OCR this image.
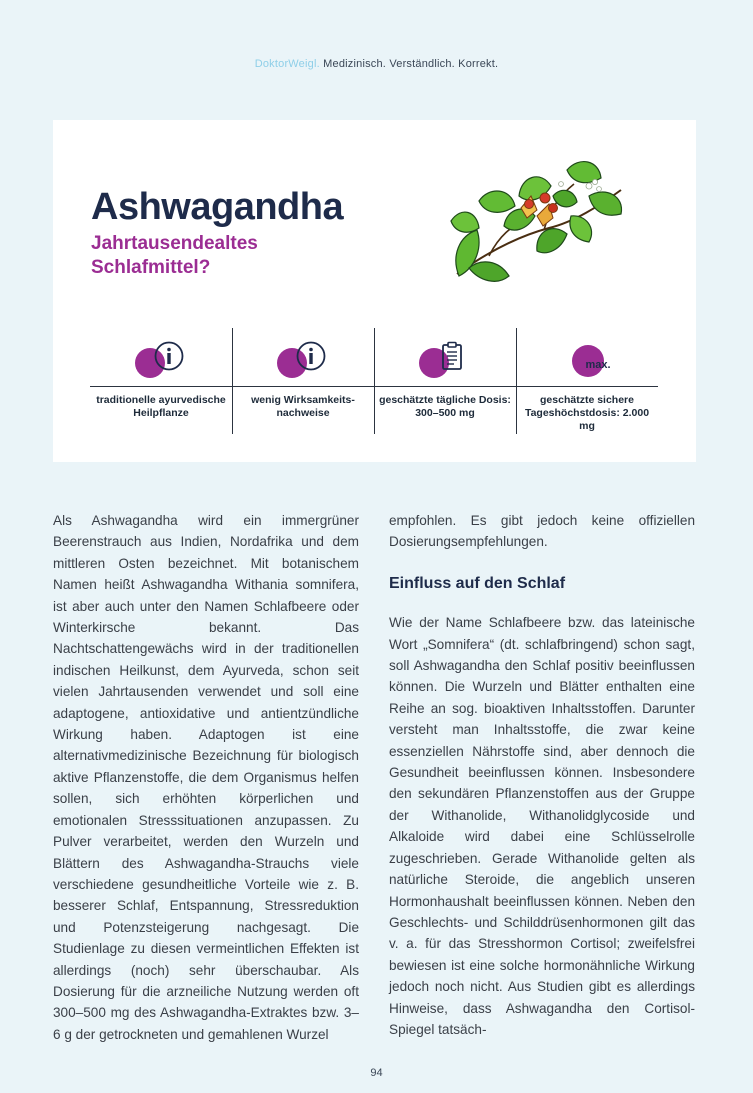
DoktorWeigl. Medizinisch. Verständlich. Korrekt.
Ashwagandha
Jahrtausendealtes Schlafmittel?
traditionelle ayurvedische Heilpflanze
wenig Wirksamkeits-nachweise
geschätzte tägliche Dosis: 300–500 mg
max.
geschätzte sichere Tageshöchstdosis: 2.000 mg

Als Ashwagandha wird ein immergrüner Beerenstrauch aus Indien, Nordafrika und dem mittleren Osten bezeichnet. Mit botanischem Namen heißt Ashwagandha Withania somnifera, ist aber auch unter den Namen Schlafbeere oder Winterkirsche bekannt. Das Nachtschattengewächs wird in der traditionellen indischen Heilkunst, dem Ayurveda, schon seit vielen Jahrtausenden verwendet und soll eine adaptogene, antioxidative und antientzündliche Wirkung haben. Adaptogen ist eine alternativmedizinische Bezeichnung für biologisch aktive Pflanzenstoffe, die dem Organismus helfen sollen, sich erhöhten körperlichen und emotionalen Stresssituationen anzupassen. Zu Pulver verarbeitet, werden den Wurzeln und Blättern des Ashwagandha-Strauchs viele verschiedene gesundheitliche Vorteile wie z. B. besserer Schlaf, Entspannung, Stressreduktion und Potenzsteigerung nachgesagt. Die Studienlage zu diesen vermeintlichen Effekten ist allerdings (noch) sehr überschaubar. Als Dosierung für die arzneiliche Nutzung werden oft 300–500 mg des Ashwagandha-Extraktes bzw. 3–6 g der getrockneten und gemahlenen Wurzel

empfohlen. Es gibt jedoch keine offiziellen Dosierungsempfehlungen.

Einfluss auf den Schlaf

Wie der Name Schlafbeere bzw. das lateinische Wort „Somnifera“ (dt. schlafbringend) schon sagt, soll Ashwagandha den Schlaf positiv beeinflussen können. Die Wurzeln und Blätter enthalten eine Reihe an sog. bioaktiven Inhaltsstoffen. Darunter versteht man Inhaltsstoffe, die zwar keine essenziellen Nährstoffe sind, aber dennoch die Gesundheit beeinflussen können. Insbesondere den sekundären Pflanzenstoffen aus der Gruppe der Withanolide, Withanolidglycoside und Alkaloide wird dabei eine Schlüsselrolle zugeschrieben. Gerade Withanolide gelten als natürliche Steroide, die angeblich unseren Hormonhaushalt beeinflussen können. Neben den Geschlechts- und Schilddrüsenhormonen gilt das v. a. für das Stresshormon Cortisol; zweifelsfrei bewiesen ist eine solche hormonähnliche Wirkung jedoch noch nicht. Aus Studien gibt es allerdings Hinweise, dass Ashwagandha den Cortisol-Spiegel tatsäch-

94
